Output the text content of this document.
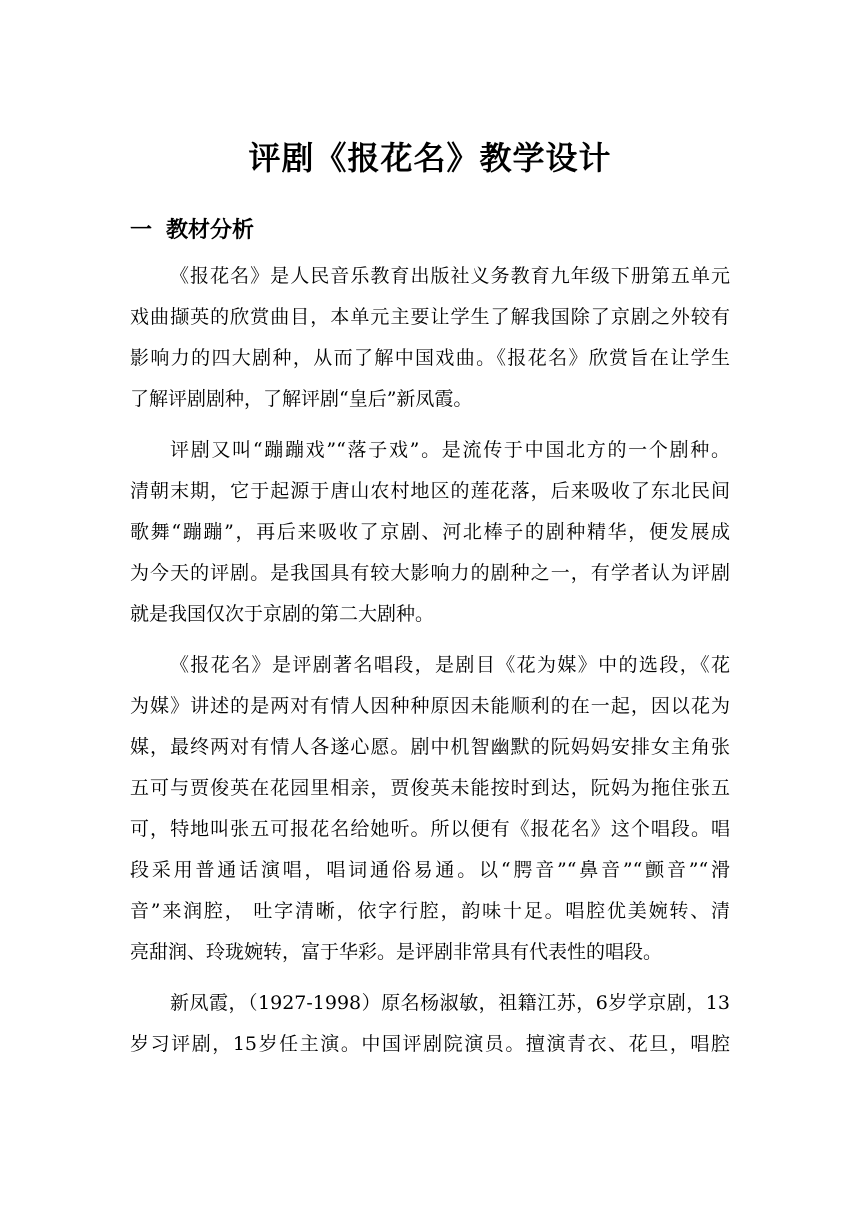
评剧《报花名》教学设计
一 教材分析
《报花名》是人民音乐教育出版社义务教育九年级下册第五单元
戏曲撷英的欣赏曲目，本单元主要让学生了解我国除了京剧之外较有
影响力的四大剧种，从而了解中国戏曲。《报花名》欣赏旨在让学生
了解评剧剧种，了解评剧“皇后”新凤霞。
评剧又叫“蹦蹦戏”“落子戏”。是流传于中国北方的一个剧种。
清朝末期，它于起源于唐山农村地区的莲花落，后来吸收了东北民间
歌舞“蹦蹦”，再后来吸收了京剧、河北棒子的剧种精华，便发展成
为今天的评剧。是我国具有较大影响力的剧种之一，有学者认为评剧
就是我国仅次于京剧的第二大剧种。
《报花名》是评剧著名唱段，是剧目《花为媒》中的选段，《花
为媒》讲述的是两对有情人因种种原因未能顺利的在一起，因以花为
媒，最终两对有情人各遂心愿。剧中机智幽默的阮妈妈安排女主角张
五可与贾俊英在花园里相亲，贾俊英未能按时到达，阮妈为拖住张五
可，特地叫张五可报花名给她听。所以便有《报花名》这个唱段。唱
段采用普通话演唱，唱词通俗易通。以“腭音”“鼻音”“颤音”“滑
音”来润腔， 吐字清晰，依字行腔，韵味十足。唱腔优美婉转、清
亮甜润、玲珑婉转，富于华彩。是评剧非常具有代表性的唱段。
新凤霞，（1927-1998）原名杨淑敏，祖籍江苏，6岁学京剧，13
岁习评剧，15岁任主演。中国评剧院演员。擅演青衣、花旦，唱腔
